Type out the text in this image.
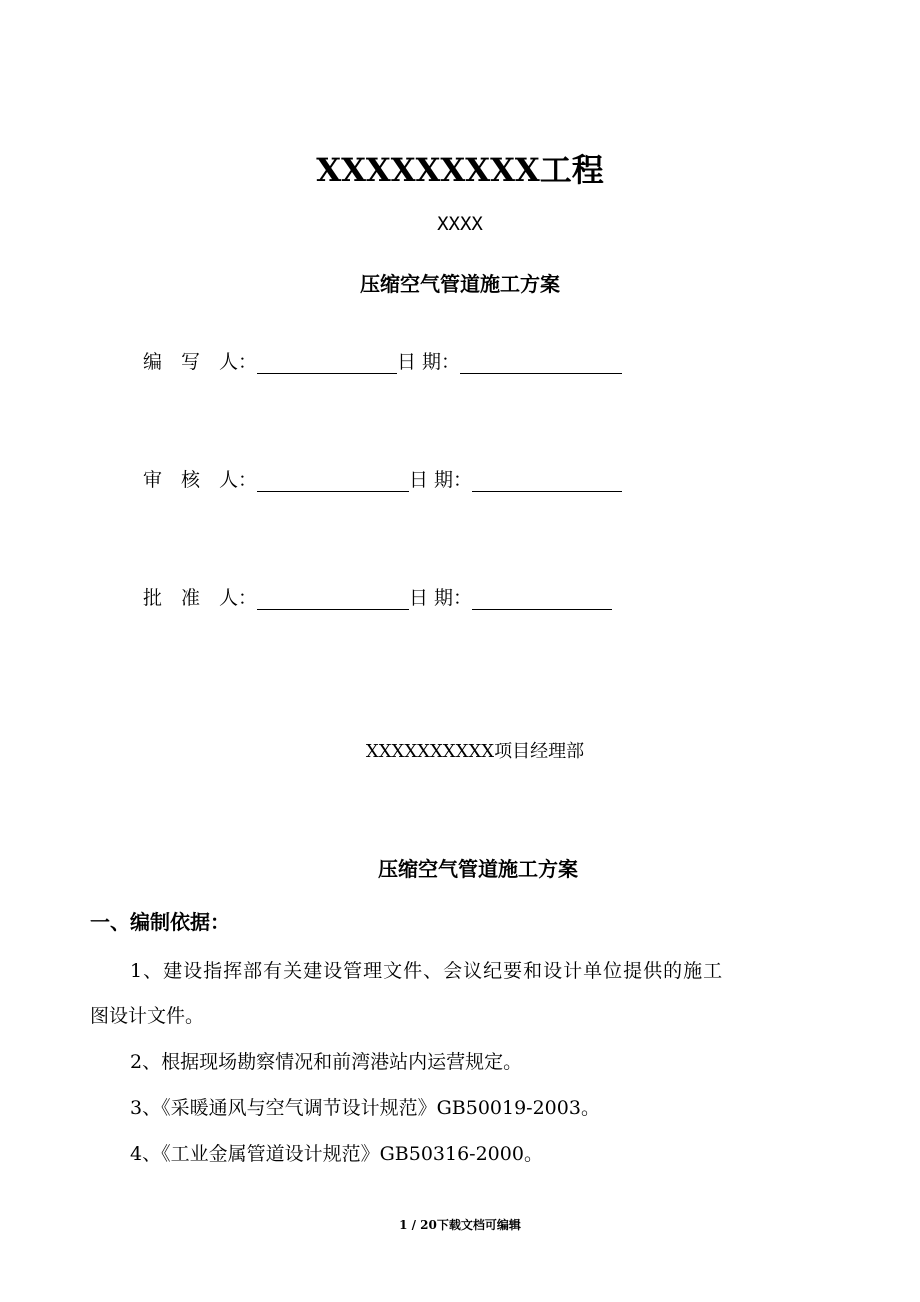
XXXXXXXXX工程
XXXX
压缩空气管道施工方案
编　写　人：	日 期：
审　核　人：	日 期：
批　准　人：	日 期：
XXXXXXXXXX项目经理部
压缩空气管道施工方案
一、编制依据：
1、建设指挥部有关建设管理文件、会议纪要和设计单位提供的施工
图设计文件。
2、根据现场勘察情况和前湾港站内运营规定。
3、《采暖通风与空气调节设计规范》GB50019-2003。
4、《工业金属管道设计规范》GB50316-2000。
1 / 20下载文档可编辑
